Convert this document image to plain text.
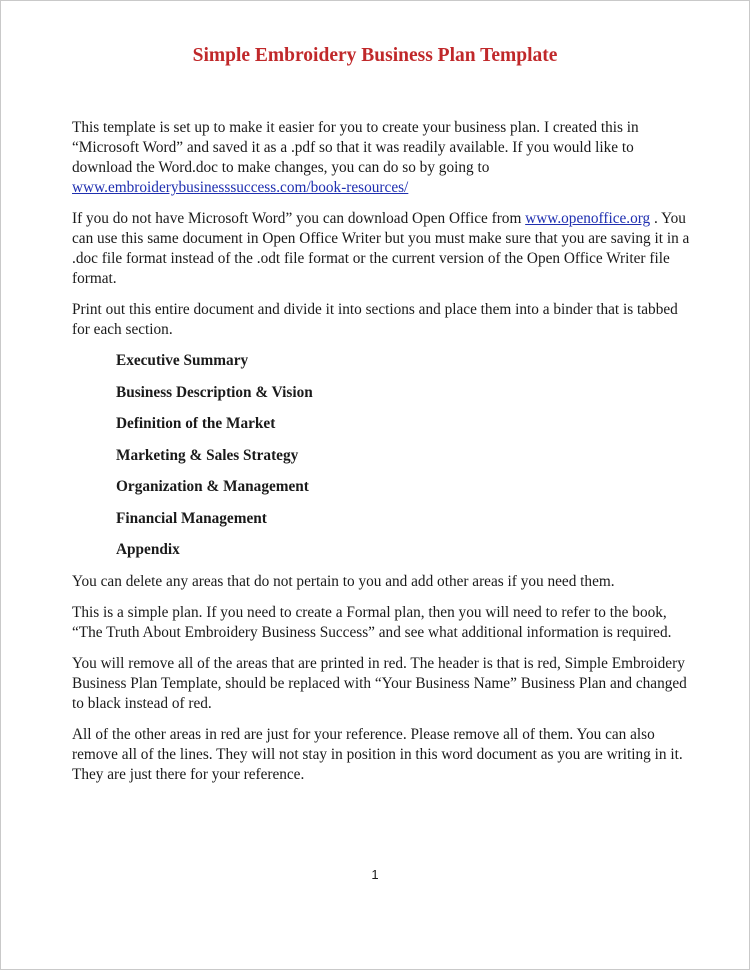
Simple Embroidery Business Plan Template

This template is set up to make it easier for you to create your business plan. I created this in “Microsoft Word” and saved it as a .pdf so that it was readily available. If you would like to download the Word.doc to make changes, you can do so by going to www.embroiderybusinesssuccess.com/book-resources/

If you do not have Microsoft Word” you can download Open Office from www.openoffice.org . You can use this same document in Open Office Writer but you must make sure that you are saving it in a .doc file format instead of the .odt file format or the current version of the Open Office Writer file format.

Print out this entire document and divide it into sections and place them into a binder that is tabbed for each section.

Executive Summary
Business Description & Vision
Definition of the Market
Marketing & Sales Strategy
Organization & Management
Financial Management
Appendix

You can delete any areas that do not pertain to you and add other areas if you need them.

This is a simple plan. If you need to create a Formal plan, then you will need to refer to the book, “The Truth About Embroidery Business Success” and see what additional information is required.

You will remove all of the areas that are printed in red. The header is that is red, Simple Embroidery Business Plan Template, should be replaced with “Your Business Name” Business Plan and changed to black instead of red.

All of the other areas in red are just for your reference. Please remove all of them. You can also remove all of the lines. They will not stay in position in this word document as you are writing in it. They are just there for your reference.

1
